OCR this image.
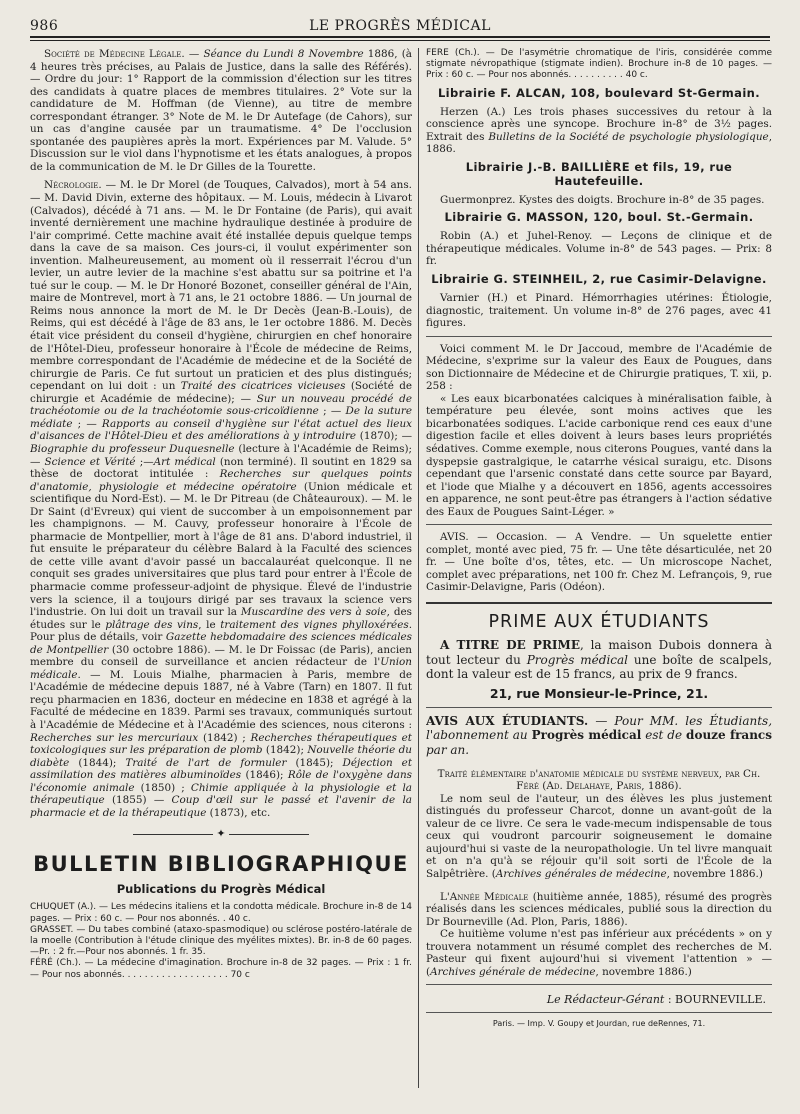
986	LE PROGRÈS MÉDICAL

Société de Médecine Légale. — Séance du Lundi 8 Novembre 1886, (à 4 heures très précises, au Palais de Justice, dans la salle des Référés). — Ordre du jour: 1° Rapport de la commission d'élection sur les titres des candidats à quatre places de membres titulaires. 2° Vote sur la candidature de M. Hoffman (de Vienne), au titre de membre correspondant étranger. 3° Note de M. le Dr Autefage (de Cahors), sur un cas d'angine causée par un traumatisme. 4° De l'occlusion spontanée des paupières après la mort. Expériences par M. Valude. 5° Discussion sur le viol dans l'hypnotisme et les états analogues, à propos de la communication de M. le Dr Gilles de la Tourette.

Nécrologie. — M. le Dr Morel (de Touques, Calvados), mort à 54 ans. — M. David Divin, externe des hôpitaux. — M. Louis, médecin à Livarot (Calvados), décédé à 71 ans. — M. le Dr Fontaine (de Paris), qui avait inventé dernièrement une machine hydraulique destinée à produire de l'air comprimé. Cette machine avait été installée depuis quelque temps dans la cave de sa maison. Ces jours-ci, il voulut expérimenter son invention. Malheureusement, au moment où il resserrait l'écrou d'un levier, un autre levier de la machine s'est abattu sur sa poitrine et l'a tué sur le coup. — M. le Dr Honoré Bozonet, conseiller général de l'Ain, maire de Montrevel, mort à 71 ans, le 21 octobre 1886. — Un journal de Reims nous annonce la mort de M. le Dr Decès (Jean-B.-Louis), de Reims, qui est décédé à l'âge de 83 ans, le 1er octobre 1886. M. Decès était vice président du conseil d'hygiène, chirurgien en chef honoraire de l'Hôtel-Dieu, professeur honoraire à l'École de médecine de Reims, membre correspondant de l'Académie de médecine et de la Société de chirurgie de Paris. Ce fut surtout un praticien et des plus distingués; cependant on lui doit : un Traité des cicatrices vicieuses (Société de chirurgie et Académie de médecine); — Sur un nouveau procédé de trachéotomie ou de la trachéotomie sous-cricoïdienne ; — De la suture médiate ; — Rapports au conseil d'hygiène sur l'état actuel des lieux d'aisances de l'Hôtel-Dieu et des améliorations à y introduire (1870); — Biographie du professeur Duquesnelle (lecture à l'Académie de Reims);— Science et Vérité ;—Art médical (non terminé). Il soutint en 1829 sa thèse de doctorat intitulée : Recherches sur quelques points d'anatomie, physiologie et médecine opératoire (Union médicale et scientifique du Nord-Est). — M. le Dr Pitreau (de Châteauroux). — M. le Dr Saint (d'Evreux) qui vient de succomber à un empoisonnement par les champignons. — M. Cauvy, professeur honoraire à l'École de pharmacie de Montpellier, mort à l'âge de 81 ans. D'abord industriel, il fut ensuite le préparateur du célèbre Balard à la Faculté des sciences de cette ville avant d'avoir passé un baccalauréat quelconque. Il ne conquit ses grades universitaires que plus tard pour entrer à l'École de pharmacie comme professeur-adjoint de physique. Élevé de l'industrie vers la science, il a toujours dirigé par ses travaux la science vers l'industrie. On lui doit un travail sur la Muscardine des vers à soie, des études sur le plâtrage des vins, le traitement des vignes phylloxérées. Pour plus de détails, voir Gazette hebdomadaire des sciences médicales de Montpellier (30 octobre 1886). — M. le Dr Foissac (de Paris), ancien membre du conseil de surveillance et ancien rédacteur de l'Union médicale. — M. Louis Mialhe, pharmacien à Paris, membre de l'Académie de médecine depuis 1887, né à Vabre (Tarn) en 1807. Il fut reçu pharmacien en 1836, docteur en médecine en 1838 et agrégé à la Faculté de médecine en 1839. Parmi ses travaux, communiqués surtout à l'Académie de Médecine et à l'Académie des sciences, nous citerons : Recherches sur les mercuriaux (1842) ; Recherches thérapeutiques et toxicologiques sur les préparation de plomb (1842); Nouvelle théorie du diabète (1844); Traité de l'art de formuler (1845); Déjection et assimilation des matières albuminoïdes (1846); Rôle de l'oxygène dans l'économie animale (1850) ; Chimie appliquée à la physiologie et la thérapeutique (1855) — Coup d'œil sur le passé et l'avenir de la pharmacie et de la thérapeutique (1873), etc.

✦
BULLETIN BIBLIOGRAPHIQUE
Publications du Progrès Médical

CHUQUET (A.). — Les médecins italiens et la condotta médicale. Brochure in-8 de 14 pages. — Prix : 60 c. — Pour nos abonnés. . 40 c.

GRASSET. — Du tabes combiné (ataxo-spasmodique) ou sclérose postéro-latérale de la moelle (Contribution à l'étude clinique des myélites mixtes). Br. in-8 de 60 pages.—Pr. : 2 fr.—Pour nos abonnés. 1 fr. 35.

FÉRÉ (Ch.). — La médecine d'imagination. Brochure in-8 de 32 pages. — Prix : 1 fr. — Pour nos abonnés. . . . . . . . . . . . . . . . . . . 70 c

FÉRÉ (Ch.). — De l'asymétrie chromatique de l'iris, considérée comme stigmate névropathique (stigmate indien). Brochure in-8 de 10 pages. — Prix : 60 c. — Pour nos abonnés. . . . . . . . . . 40 c.

Librairie F. ALCAN, 108, boulevard St-Germain.

Herzen (A.) Les trois phases successives du retour à la conscience après une syncope. Brochure in-8° de 3½ pages. Extrait des Bulletins de la Société de psychologie physiologique, 1886.

Librairie J.-B. BAILLIÈRE et fils, 19, rue Hautefeuille.

Guermonprez. Kystes des doigts. Brochure in-8° de 35 pages.

Librairie G. MASSON, 120, boul. St.-Germain.

Robin (A.) et Juhel-Renoy. — Leçons de clinique et de thérapeutique médicales. Volume in-8° de 543 pages. — Prix: 8 fr.

Librairie G. STEINHEIL, 2, rue Casimir-Delavigne.

Varnier (H.) et Pinard. Hémorrhagies utérines: Étiologie, diagnostic, traitement. Un volume in-8° de 276 pages, avec 41 figures.

Voici comment M. le Dr Jaccoud, membre de l'Académie de Médecine, s'exprime sur la valeur des Eaux de Pougues, dans son Dictionnaire de Médecine et de Chirurgie pratiques, T. xii, p. 258 :

« Les eaux bicarbonatées calciques à minéralisation faible, à température peu élevée, sont moins actives que les bicarbonatées sodiques. L'acide carbonique rend ces eaux d'une digestion facile et elles doivent à leurs bases leurs propriétés sédatives. Comme exemple, nous citerons Pougues, vanté dans la dyspepsie gastralgique, le catarrhe vésical suraigu, etc. Disons cependant que l'arsenic constaté dans cette source par Bayard, et l'iode que Mialhe y a découvert en 1856, agents accessoires en apparence, ne sont peut-être pas étrangers à l'action sédative des Eaux de Pougues Saint-Léger. »

AVIS. — Occasion. — A Vendre. — Un squelette entier complet, monté avec pied, 75 fr. — Une tête désarticulée, net 20 fr. — Une boîte d'os, têtes, etc. — Un microscope Nachet, complet avec préparations, net 100 fr. Chez M. Lefrançois, 9, rue Casimir-Delavigne, Paris (Odéon).

PRIME AUX ÉTUDIANTS

A TITRE DE PRIME, la maison Dubois donnera à tout lecteur du Progrès médical une boîte de scalpels, dont la valeur est de 15 francs, au prix de 9 francs.

21, rue Monsieur-le-Prince, 21.

AVIS AUX ÉTUDIANTS. — Pour MM. les Étudiants, l'abonnement au Progrès médical est de douze francs par an.

Traité élémentaire d'anatomie médicale du système nerveux, par Ch. Féré (Ad. Delahaye, Paris, 1886).

Le nom seul de l'auteur, un des élèves les plus justement distingués du professeur Charcot, donne un avant-goût de la valeur de ce livre. Ce sera le vade-mecum indispensable de tous ceux qui voudront parcourir soigneusement le domaine aujourd'hui si vaste de la neuropathologie. Un tel livre manquait et on n'a qu'à se réjouir qu'il soit sorti de l'École de la Salpêtrière. (Archives générales de médecine, novembre 1886.)

L'Année Médicale (huitième année, 1885), résumé des progrès réalisés dans les sciences médicales, publié sous la direction du Dr Bourneville (Ad. Plon, Paris, 1886).

Ce huitième volume n'est pas inférieur aux précédents » on y trouvera notamment un résumé complet des recherches de M. Pasteur qui fixent aujourd'hui si vivement l'attention » — (Archives générale de médecine, novembre 1886.)

Le Rédacteur-Gérant : BOURNEVILLE.
Paris. — Imp. V. Goupy et Jourdan, rue deRennes, 71.
